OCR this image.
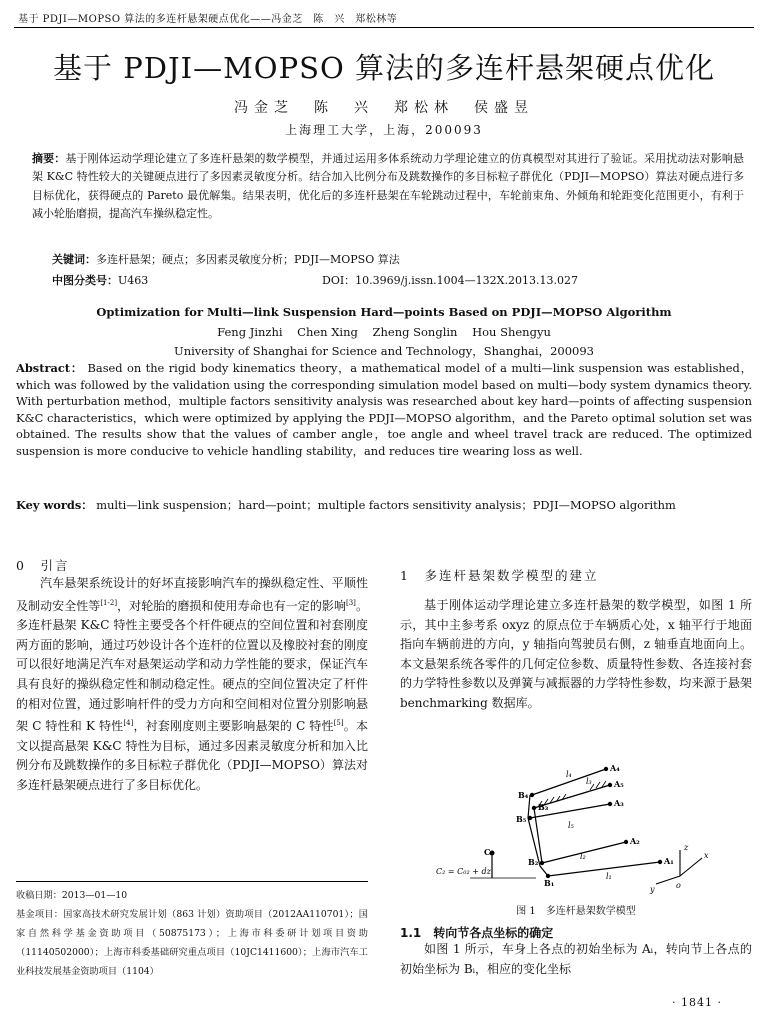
基于 PDJI—MOPSO 算法的多连杆悬架硬点优化——冯金芝　陈　兴　郑松林等
基于 PDJI—MOPSO 算法的多连杆悬架硬点优化
冯金芝　陈　兴　郑松林　侯盛昱
上海理工大学，上海，200093
摘要：基于刚体运动学理论建立了多连杆悬架的数学模型，并通过运用多体系统动力学理论建立的仿真模型对其进行了验证。采用扰动法对影响悬架 K&C 特性较大的关键硬点进行了多因素灵敏度分析。结合加入比例分布及跳数操作的多目标粒子群优化（PDJI—MOPSO）算法对硬点进行多目标优化，获得硬点的 Pareto 最优解集。结果表明，优化后的多连杆悬架在车轮跳动过程中，车轮前束角、外倾角和轮距变化范围更小，有利于减小轮胎磨损，提高汽车操纵稳定性。
关键词：多连杆悬架；硬点；多因素灵敏度分析；PDJI—MOPSO 算法
中图分类号：U463	DOI：10.3969/j.issn.1004—132X.2013.13.027
Optimization for Multi—link Suspension Hard—points Based on PDJI—MOPSO Algorithm
Feng Jinzhi    Chen Xing    Zheng Songlin    Hou Shengyu
University of Shanghai for Science and Technology，Shanghai，200093
Abstract： Based on the rigid body kinematics theory，a mathematical model of a multi—link suspension was established，which was followed by the validation using the corresponding simulation model based on multi—body system dynamics theory. With perturbation method，multiple factors sensitivity analysis was researched about key hard—points of affecting suspension K&C characteristics，which were optimized by applying the PDJI—MOPSO algorithm，and the Pareto optimal solution set was obtained. The results show that the values of camber angle，toe angle and wheel travel track are reduced. The optimized suspension is more conducive to vehicle handling stability，and reduces tire wearing loss as well.
Key words： multi—link suspension；hard—point；multiple factors sensitivity analysis；PDJI—MOPSO algorithm
0　引言

汽车悬架系统设计的好坏直接影响汽车的操纵稳定性、平顺性及制动安全性等[1-2]，对轮胎的磨损和使用寿命也有一定的影响[3]。多连杆悬架 K&C 特性主要受各个杆件硬点的空间位置和衬套刚度两方面的影响，通过巧妙设计各个连杆的位置以及橡胶衬套的刚度可以很好地满足汽车对悬架运动学和动力学性能的要求，保证汽车具有良好的操纵稳定性和制动稳定性。硬点的空间位置决定了杆件的相对位置，通过影响杆件的受力方向和空间相对位置分别影响悬架 C 特性和 K 特性[4]，衬套刚度则主要影响悬架的 C 特性[5]。本文以提高悬架 K&C 特性为目标，通过多因素灵敏度分析和加入比例分布及跳数操作的多目标粒子群优化（PDJI—MOPSO）算法对多连杆悬架硬点进行了多目标优化。

收稿日期：2013—01—10
基金项目：国家高技术研究发展计划（863 计划）资助项目（2012AA110701）；国家自然科学基金资助项目（50875173）；上海市科委研计划项目资助（11140502000）；上海市科委基础研究重点项目（10JC1411600）；上海市汽车工业科技发展基金资助项目（1104）
1　多连杆悬架数学模型的建立

基于刚体运动学理论建立多连杆悬架的数学模型，如图 1 所示，其中主参考系 oxyz 的原点位于车辆质心处，x 轴平行于地面指向车辆前进的方向，y 轴指向驾驶员右侧，z 轴垂直地面向上。本文悬架系统各零件的几何定位参数、质量特性参数、各连接衬套的力学特性参数以及弹簧与减振器的力学特性参数，均来源于悬架 benchmarking 数据库。

A₄
A₅
A₃
A₂
A₁
B₄
B₃
B₅
B₂
B₁
C
l₄
l₃
l₅
l₂
l₁
C₂ = C₀₂ + dz
x
z
y	o
图 1　多连杆悬架数学模型
1.1　转向节各点坐标的确定

如图 1 所示，车身上各点的初始坐标为 Aᵢ，转向节上各点的初始坐标为 Bᵢ，相应的变化坐标

· 1841 ·
